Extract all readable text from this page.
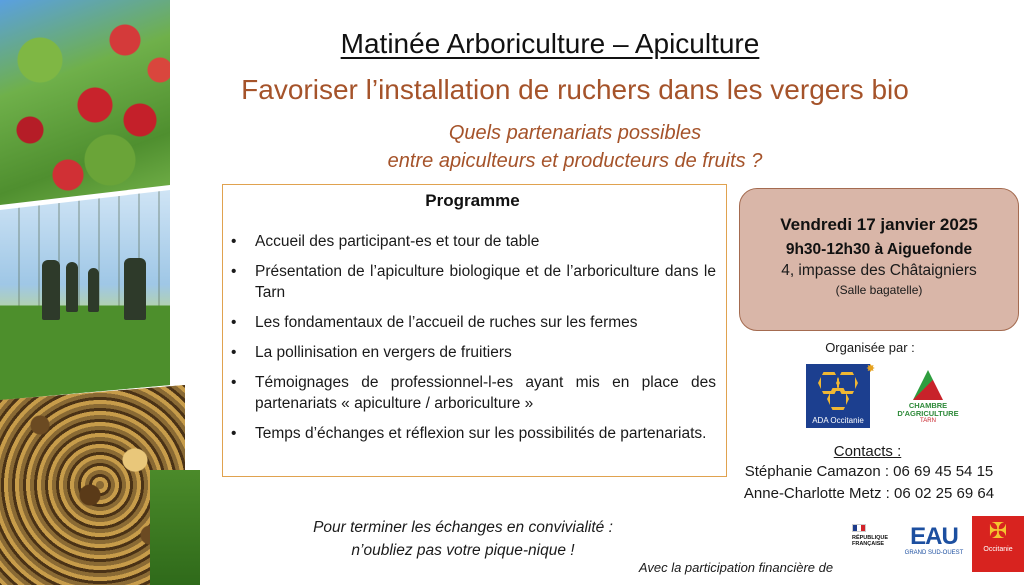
Matinée Arboriculture – Apiculture
Favoriser l’installation de ruchers dans les vergers bio
Quels partenariats possibles
entre apiculteurs et producteurs de fruits ?
Programme
• Accueil des participant-es et tour de table
• Présentation de l’apiculture biologique et de l’arboriculture dans le Tarn
• Les fondamentaux de l’accueil de ruches sur les fermes
• La pollinisation en vergers de fruitiers
• Témoignages de professionnel-l-es ayant mis en place des partenariats « apiculture / arboriculture »
• Temps d’échanges et réflexion sur les possibilités de partenariats.
Vendredi 17 janvier 2025
9h30-12h30 à Aiguefonde
4, impasse des Châtaigniers
(Salle bagatelle)
Organisée par :
ADA Occitanie
✸
CHAMBRE D'AGRICULTURE
TARN
Contacts :
Stéphanie Camazon : 06 69 45 54 15
Anne-Charlotte Metz : 06 02 25 69 64
Pour terminer les échanges en convivialité :
n’oubliez pas votre pique-nique !
Avec la participation financière de
RÉPUBLIQUE FRANÇAISE	EAU
GRAND SUD-OUEST
✠
Occitanie
